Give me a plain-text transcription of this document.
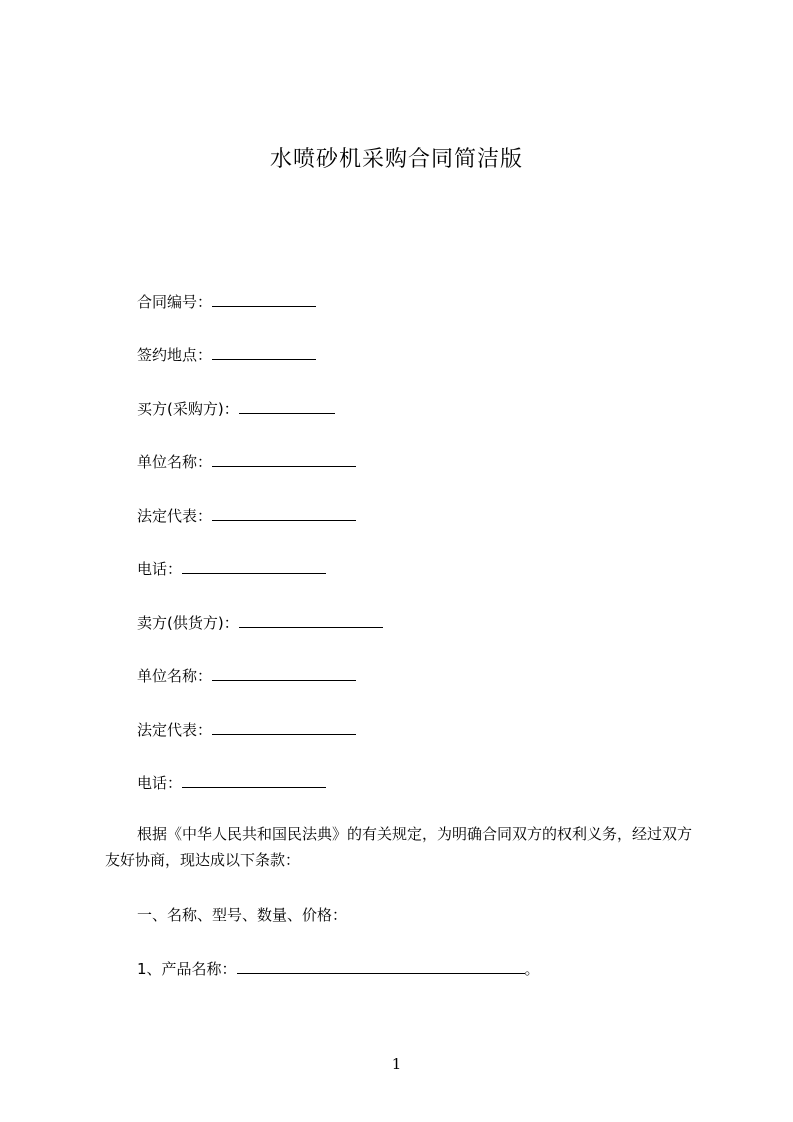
水喷砂机采购合同简洁版
合同编号：
签约地点：
买方(采购方)：
单位名称：
法定代表：
电话：
卖方(供货方)：
单位名称：
法定代表：
电话：
根据《中华人民共和国民法典》的有关规定，为明确合同双方的权利义务，经过双方友好协商，现达成以下条款：
一、名称、型号、数量、价格：
1、产品名称：	。
1
